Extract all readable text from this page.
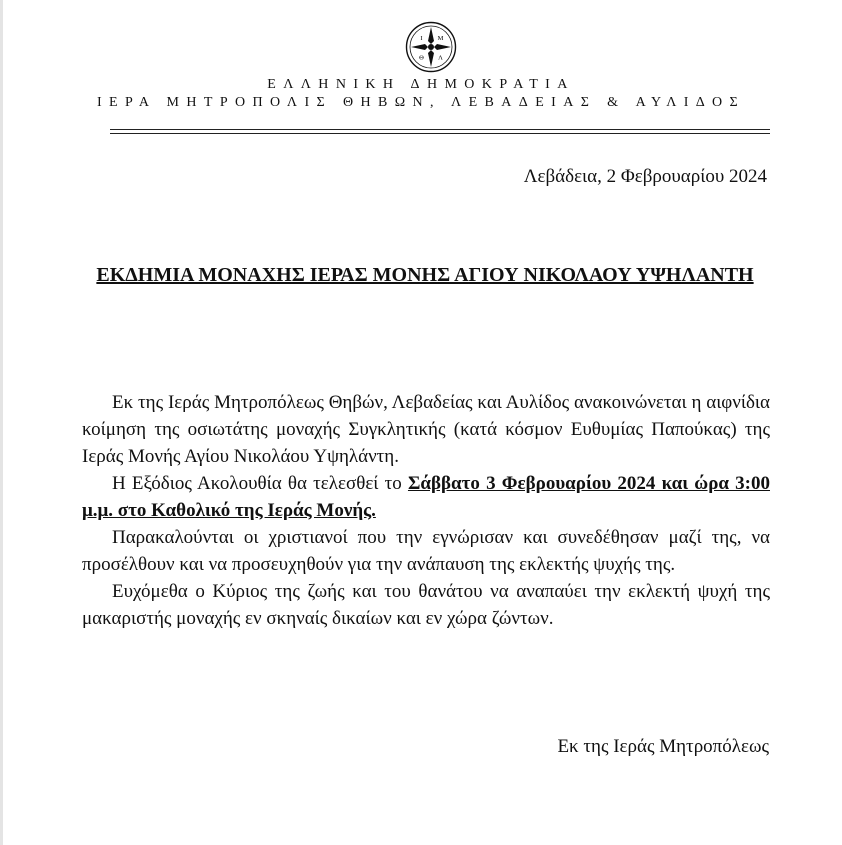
Ι Μ
Θ Λ
ΕΛΛΗΝΙΚΗ ΔΗΜΟΚΡΑΤΙΑ
ΙΕΡΑ ΜΗΤΡΟΠΟΛΙΣ ΘΗΒΩΝ, ΛΕΒΑΔΕΙΑΣ & ΑΥΛΙΔΟΣ
Λεβάδεια, 2 Φεβρουαρίου 2024
ΕΚΔΗΜΙΑ ΜΟΝΑΧΗΣ ΙΕΡΑΣ ΜΟΝΗΣ ΑΓΙΟΥ ΝΙΚΟΛΑΟΥ ΥΨΗΛΑΝΤΗ

Εκ της Ιεράς Μητροπόλεως Θηβών, Λεβαδείας και Αυλίδος ανακοινώνεται η αιφνίδια κοίμηση της οσιωτάτης μοναχής Συγκλητικής (κατά κόσμον Ευθυμίας Παπούκας) της Ιεράς Μονής Αγίου Νικολάου Υψηλάντη.

Η Εξόδιος Ακολουθία θα τελεσθεί το Σάββατο 3 Φεβρουαρίου 2024 και ώρα 3:00 μ.μ. στο Καθολικό της Ιεράς Μονής.

Παρακαλούνται οι χριστιανοί που την εγνώρισαν και συνεδέθησαν μαζί της, να προσέλθουν και να προσευχηθούν για την ανάπαυση της εκλεκτής ψυχής της.

Ευχόμεθα ο Κύριος της ζωής και του θανάτου να αναπαύει την εκλεκτή ψυχή της μακαριστής μοναχής εν σκηναίς δικαίων και εν χώρα ζώντων.

Εκ της Ιεράς Μητροπόλεως
